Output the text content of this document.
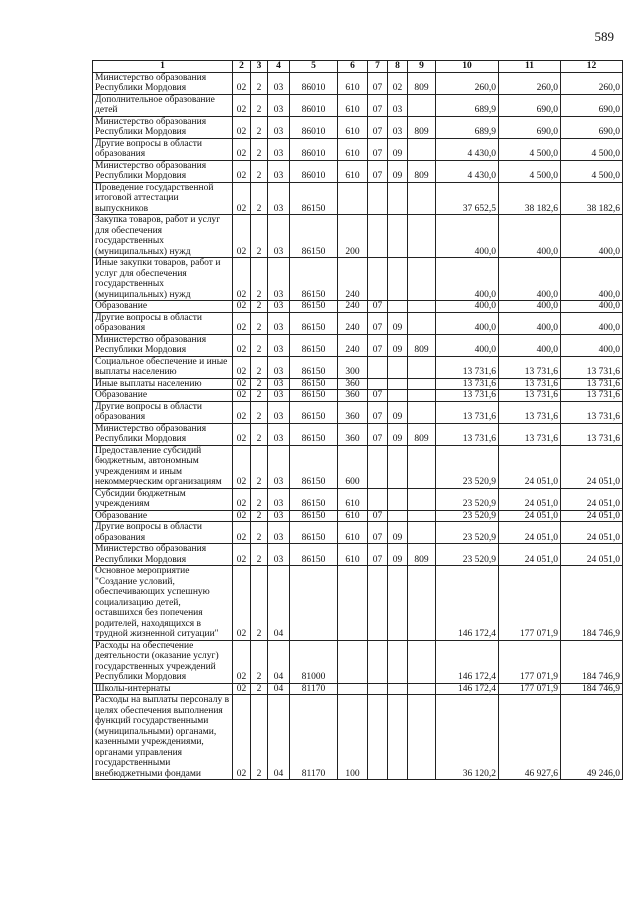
589
1	2	3	4	5	6	7	8	9	10	11	12
Министерство образования Республики Мордовия	02	2	03	86010	610	07	02	809	260,0	260,0	260,0
Дополнительное образование детей	02	2	03	86010	610	07	03		689,9	690,0	690,0
Министерство образования Республики Мордовия	02	2	03	86010	610	07	03	809	689,9	690,0	690,0
Другие вопросы в области образования	02	2	03	86010	610	07	09		4 430,0	4 500,0	4 500,0
Министерство образования Республики Мордовия	02	2	03	86010	610	07	09	809	4 430,0	4 500,0	4 500,0
Проведение государственной итоговой аттестации выпускников	02	2	03	86150					37 652,5	38 182,6	38 182,6
Закупка товаров, работ и услуг для обеспечения государственных (муниципальных) нужд	02	2	03	86150	200				400,0	400,0	400,0
Иные закупки товаров, работ и услуг для обеспечения государственных (муниципальных) нужд	02	2	03	86150	240				400,0	400,0	400,0
Образование	02	2	03	86150	240	07			400,0	400,0	400,0
Другие вопросы в области образования	02	2	03	86150	240	07	09		400,0	400,0	400,0
Министерство образования Республики Мордовия	02	2	03	86150	240	07	09	809	400,0	400,0	400,0
Социальное обеспечение и иные выплаты населению	02	2	03	86150	300				13 731,6	13 731,6	13 731,6
Иные выплаты населению	02	2	03	86150	360				13 731,6	13 731,6	13 731,6
Образование	02	2	03	86150	360	07			13 731,6	13 731,6	13 731,6
Другие вопросы в области образования	02	2	03	86150	360	07	09		13 731,6	13 731,6	13 731,6
Министерство образования Республики Мордовия	02	2	03	86150	360	07	09	809	13 731,6	13 731,6	13 731,6
Предоставление субсидий бюджетным, автономным учреждениям и иным некоммерческим организациям	02	2	03	86150	600				23 520,9	24 051,0	24 051,0
Субсидии бюджетным учреждениям	02	2	03	86150	610				23 520,9	24 051,0	24 051,0
Образование	02	2	03	86150	610	07			23 520,9	24 051,0	24 051,0
Другие вопросы в области образования	02	2	03	86150	610	07	09		23 520,9	24 051,0	24 051,0
Министерство образования Республики Мордовия	02	2	03	86150	610	07	09	809	23 520,9	24 051,0	24 051,0
Основное мероприятие "Создание условий, обеспечивающих успешную социализацию детей, оставшихся без попечения родителей, находящихся в трудной жизненной ситуации"	02	2	04						146 172,4	177 071,9	184 746,9
Расходы на обеспечение деятельности (оказание услуг) государственных учреждений Республики Мордовия	02	2	04	81000					146 172,4	177 071,9	184 746,9
Школы-интернаты	02	2	04	81170					146 172,4	177 071,9	184 746,9
Расходы на выплаты персоналу в целях обеспечения выполнения функций государственными (муниципальными) органами, казенными учреждениями, органами управления государственными внебюджетными фондами	02	2	04	81170	100				36 120,2	46 927,6	49 246,0
